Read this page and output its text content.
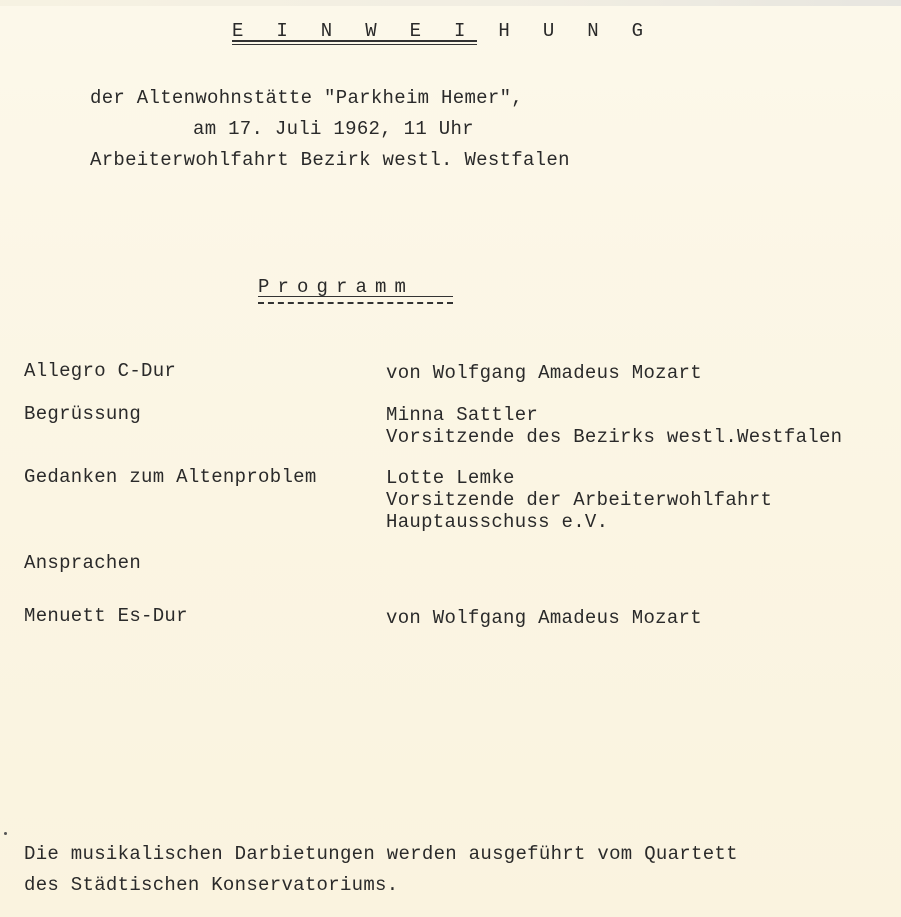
E I N W E I H U N G
der Altenwohnstätte "Parkheim Hemer",
am 17. Juli 1962, 11 Uhr
Arbeiterwohlfahrt Bezirk westl. Westfalen
Programm
Allegro C-Dur	von Wolfgang Amadeus Mozart
Begrüssung	Minna Sattler
Vorsitzende des Bezirks westl.Westfalen
Gedanken zum Altenproblem	Lotte Lemke
Vorsitzende der Arbeiterwohlfahrt
Hauptausschuss e.V.
Ansprachen
Menuett Es-Dur	von Wolfgang Amadeus Mozart
Die musikalischen Darbietungen werden ausgeführt vom Quartett
des Städtischen Konservatoriums.
